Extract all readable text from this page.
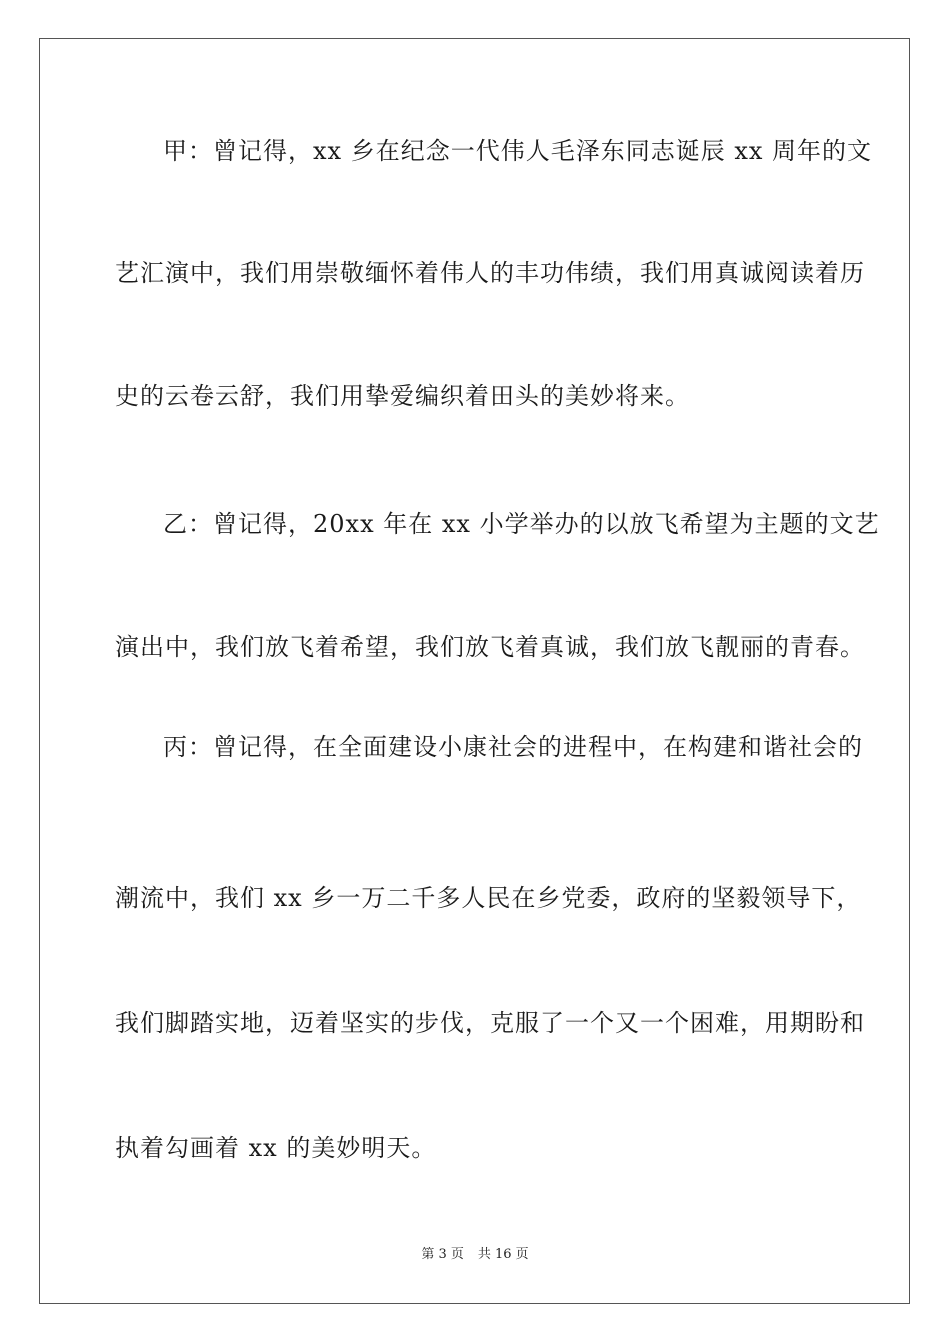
甲：曾记得，xx 乡在纪念一代伟人毛泽东同志诞辰 xx 周年的文
艺汇演中，我们用崇敬缅怀着伟人的丰功伟绩，我们用真诚阅读着历
史的云卷云舒，我们用挚爱编织着田头的美妙将来。
乙：曾记得，20xx 年在 xx 小学举办的以放飞希望为主题的文艺
演出中，我们放飞着希望，我们放飞着真诚，我们放飞靓丽的青春。
丙：曾记得，在全面建设小康社会的进程中，在构建和谐社会的
潮流中，我们 xx 乡一万二千多人民在乡党委，政府的坚毅领导下，
我们脚踏实地，迈着坚实的步伐，克服了一个又一个困难，用期盼和
执着勾画着 xx 的美妙明天。
第 3 页 共 16 页
